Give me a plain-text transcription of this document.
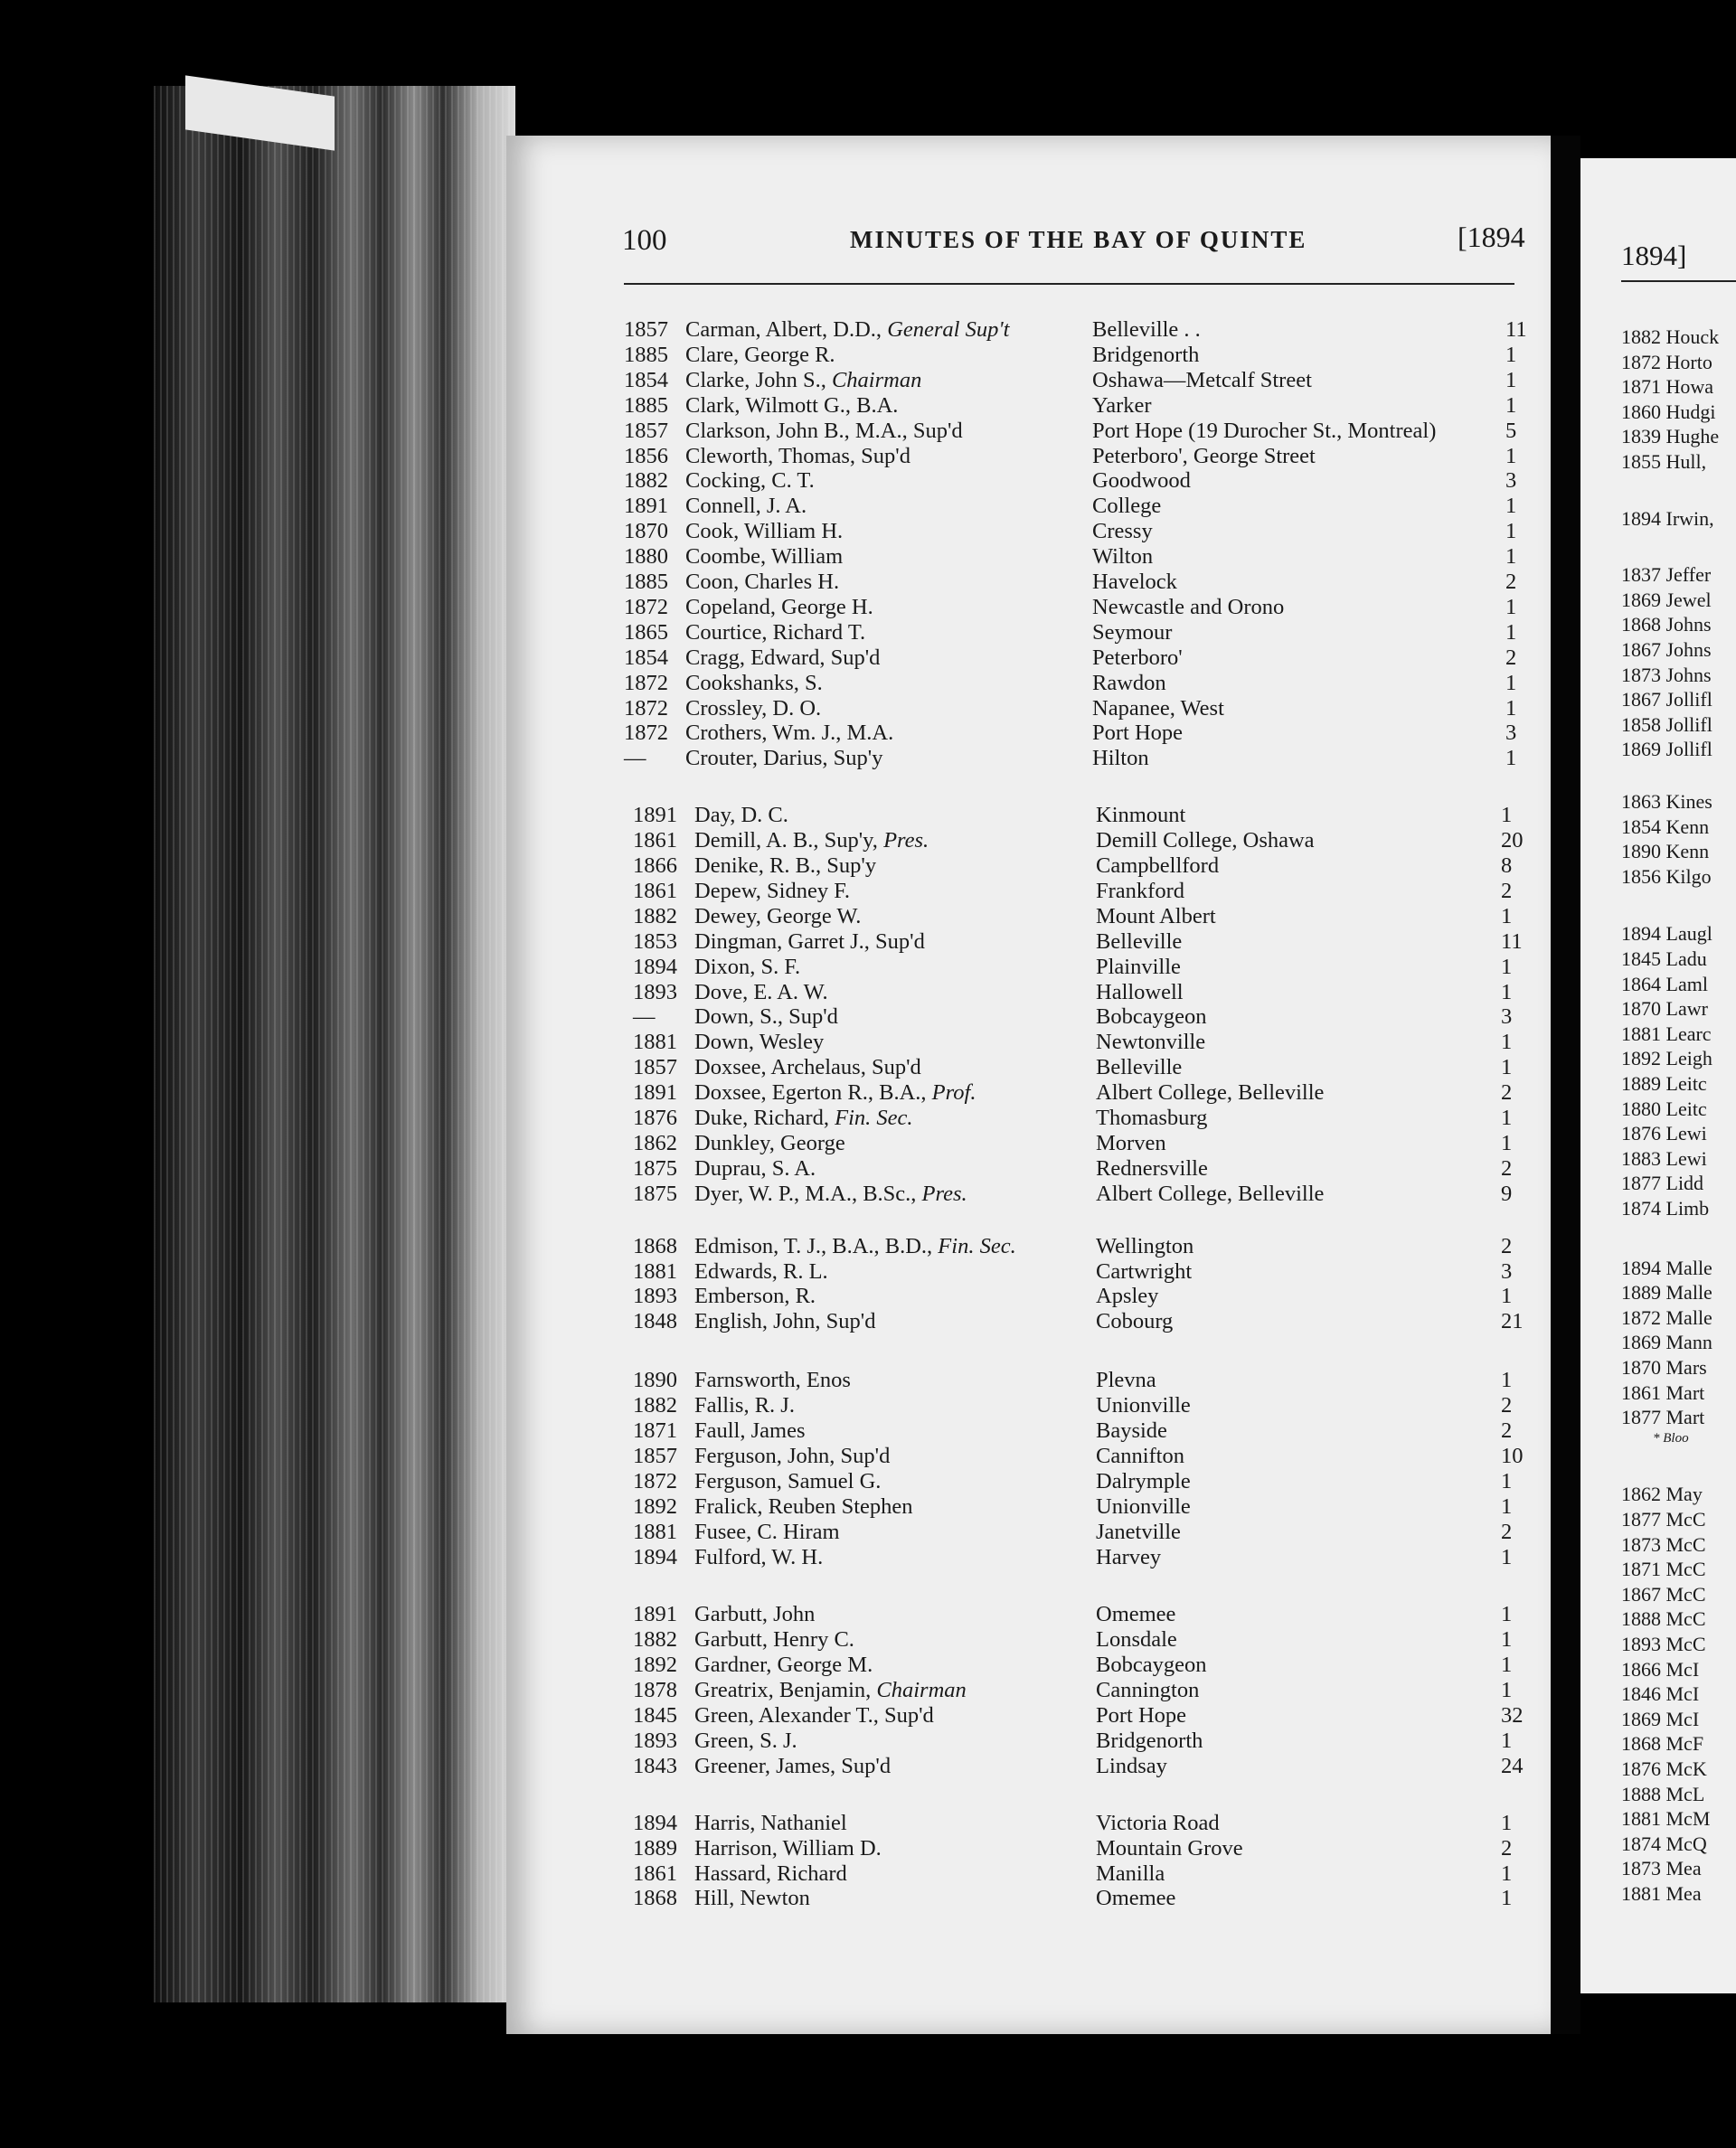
100	MINUTES OF THE BAY OF QUINTE	[1894
1857 Carman, Albert, D.D., General Sup't	Belleville . .	11
1885 Clare, George R.	Bridgenorth	1
1854 Clarke, John S., Chairman	Oshawa—Metcalf Street	1
1885 Clark, Wilmott G., B.A.	Yarker	1
1857 Clarkson, John B., M.A., Sup'd	Port Hope (19 Durocher St., Montreal)	5
1856 Cleworth, Thomas, Sup'd	Peterboro', George Street	1
1882 Cocking, C. T.	Goodwood	3
1891 Connell, J. A.	College	1
1870 Cook, William H.	Cressy	1
1880 Coombe, William	Wilton	1
1885 Coon, Charles H.	Havelock	2
1872 Copeland, George H.	Newcastle and Orono	1
1865 Courtice, Richard T.	Seymour	1
1854 Cragg, Edward, Sup'd	Peterboro'	2
1872 Cookshanks, S.	Rawdon	1
1872 Crossley, D. O.	Napanee, West	1
1872 Crothers, Wm. J., M.A.	Port Hope	3
—	Crouter, Darius, Sup'y	Hilton	1
1891 Day, D. C.	Kinmount	1
1861 Demill, A. B., Sup'y, Pres.	Demill College, Oshawa	20
1866 Denike, R. B., Sup'y	Campbellford	8
1861 Depew, Sidney F.	Frankford	2
1882 Dewey, George W.	Mount Albert	1
1853 Dingman, Garret J., Sup'd	Belleville	11
1894 Dixon, S. F.	Plainville	1
1893 Dove, E. A. W.	Hallowell	1
—	Down, S., Sup'd	Bobcaygeon	3
1881 Down, Wesley	Newtonville	1
1857 Doxsee, Archelaus, Sup'd	Belleville	1
1891 Doxsee, Egerton R., B.A., Prof.	Albert College, Belleville	2
1876 Duke, Richard, Fin. Sec.	Thomasburg	1
1862 Dunkley, George	Morven	1
1875 Duprau, S. A.	Rednersville	2
1875 Dyer, W. P., M.A., B.Sc., Pres.	Albert College, Belleville	9
1868 Edmison, T. J., B.A., B.D., Fin. Sec.	Wellington	2
1881 Edwards, R. L.	Cartwright	3
1893 Emberson, R.	Apsley	1
1848 English, John, Sup'd	Cobourg	21
1890 Farnsworth, Enos	Plevna	1
1882 Fallis, R. J.	Unionville	2
1871 Faull, James	Bayside	2
1857 Ferguson, John, Sup'd	Cannifton	10
1872 Ferguson, Samuel G.	Dalrymple	1
1892 Fralick, Reuben Stephen	Unionville	1
1881 Fusee, C. Hiram	Janetville	2
1894 Fulford, W. H.	Harvey	1
1891 Garbutt, John	Omemee	1
1882 Garbutt, Henry C.	Lonsdale	1
1892 Gardner, George M.	Bobcaygeon	1
1878 Greatrix, Benjamin, Chairman	Cannington	1
1845 Green, Alexander T., Sup'd	Port Hope	32
1893 Green, S. J.	Bridgenorth	1
1843 Greener, James, Sup'd	Lindsay	24
1894 Harris, Nathaniel	Victoria Road	1
1889 Harrison, William D.	Mountain Grove	2
1861 Hassard, Richard	Manilla	1
1868 Hill, Newton	Omemee	1
1894]
1882 Houck
1872 Horto
1871 Howa
1860 Hudgi
1839 Hughe
1855 Hull,
1894 Irwin,
1837 Jeffer
1869 Jewel
1868 Johns
1867 Johns
1873 Johns
1867 Jollifl
1858 Jollifl
1869 Jollifl
1863 Kines
1854 Kenn
1890 Kenn
1856 Kilgo
1894 Laugl
1845 Ladu
1864 Laml
1870 Lawr
1881 Learc
1892 Leigh
1889 Leitc
1880 Leitc
1876 Lewi
1883 Lewi
1877 Lidd
1874 Limb
1894 Malle
1889 Malle
1872 Malle
1869 Mann
1870 Mars
1861 Mart
1877 Mart
* Bloo
1862 May
1877 McC
1873 McC
1871 McC
1867 McC
1888 McC
1893 McC
1866 McI
1846 McI
1869 McI
1868 McF
1876 McK
1888 McL
1881 McM
1874 McQ
1873 Mea
1881 Mea
